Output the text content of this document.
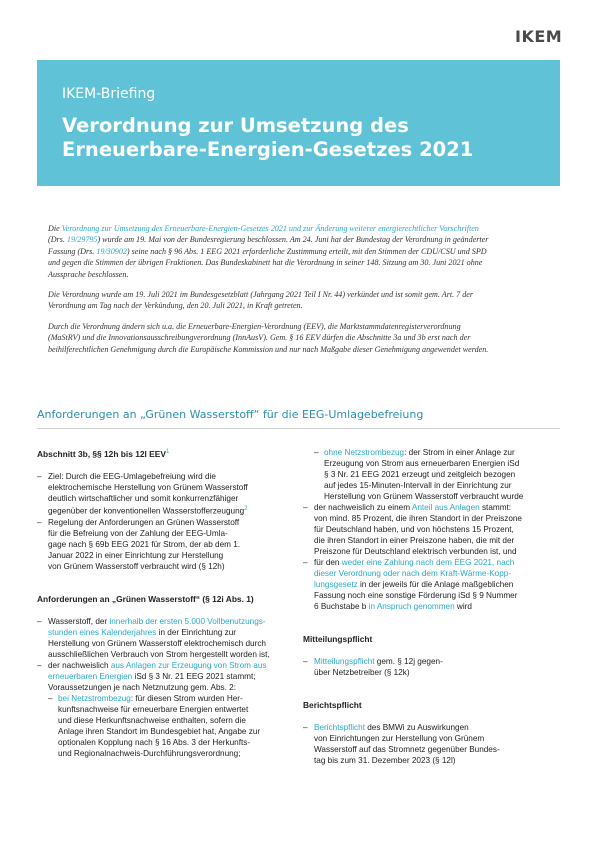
IKEM
IKEM-Briefing
Verordnung zur Umsetzung des
Erneuerbare-Energien-Gesetzes 2021

Die Verordnung zur Umsetzung des Erneuerbare-Energien-Gesetzes 2021 und zur Änderung weiterer energierechtlicher Vorschriften
(Drs. 19/29795) wurde am 19. Mai von der Bundesregierung beschlossen. Am 24. Juni hat der Bundestag der Verordnung in geänderter
Fassung (Drs. 19/30902) seine nach § 96 Abs. 1 EEG 2021 erforderliche Zustimmung erteilt, mit den Stimmen der CDU/CSU und SPD
und gegen die Stimmen der übrigen Fraktionen. Das Bundeskabinett hat die Verordnung in seiner 148. Sitzung am 30. Juni 2021 ohne
Aussprache beschlossen.

Die Verordnung wurde am 19. Juli 2021 im Bundesgesetzblatt (Jahrgang 2021 Teil I Nr. 44) verkündet und ist somit gem. Art. 7 der
Verordnung am Tag nach der Verkündung, den 20. Juli 2021, in Kraft getreten.

Durch die Verordnung ändern sich u.a. die Erneuerbare-Energien-Verordnung (EEV), die Marktstammdatenregisterverordnung
(MaStRV) und die Innovationsausschreibungverordnung (InnAusV). Gem. § 16 EEV dürfen die Abschnitte 3a und 3b erst nach der
beihilferechtlichen Genehmigung durch die Europäische Kommission und nur nach Maßgabe dieser Genehmigung angewendet werden.

Anforderungen an „Grünen Wasserstoff“ für die EEG-Umlagebefreiung
Abschnitt 3b, §§ 12h bis 12l EEV$^1$
– Ziel: Durch die EEG-Umlagebefreiung wird die
elektrochemische Herstellung von Grünem Wasserstoff
deutlich wirtschaftlicher und somit konkurrenzfähiger
gegenüber der konventionellen Wasserstofferzeugung$^2$
– Regelung der Anforderungen an Grünen Wasserstoff
für die Befreiung von der Zahlung der EEG-Umla-
gage nach § 69b EEG 2021 für Strom, der ab dem 1.
Januar 2022 in einer Einrichtung zur Herstellung
von Grünem Wasserstoff verbraucht wird (§ 12h)
Anforderungen an „Grünen Wasserstoff“ (§ 12i Abs. 1)
– Wasserstoff, der innerhalb der ersten 5.000 Vollbenutzungs-
stunden eines Kalenderjahres in der Einrichtung zur
Herstellung von Grünem Wasserstoff elektrochemisch durch
ausschließlichen Verbrauch von Strom hergestellt worden ist,
– der nachweislich aus Anlagen zur Erzeugung von Strom aus
erneuerbaren Energien iSd § 3 Nr. 21 EEG 2021 stammt;
Voraussetzungen je nach Netznutzung gem. Abs. 2:
– bei Netzstrombezug: für diesen Strom wurden Her-
kunftsnachweise für erneuerbare Energien entwertet
und diese Herkunftsnachweise enthalten, sofern die
Anlage ihren Standort im Bundesgebiet hat, Angabe zur
optionalen Kopplung nach § 16 Abs. 3 der Herkunfts-
und Regionalnachweis-Durchführungsverordnung;
– ohne Netzstrombezug: der Strom in einer Anlage zur
Erzeugung von Strom aus erneuerbaren Energien iSd
§ 3 Nr. 21 EEG 2021 erzeugt und zeitgleich bezogen
auf jedes 15-Minuten-Intervall in der Einrichtung zur
Herstellung von Grünem Wasserstoff verbraucht wurde
– der nachweislich zu einem Anteil aus Anlagen stammt:
von mind. 85 Prozent, die ihren Standort in der Preiszone
für Deutschland haben, und von höchstens 15 Prozent,
die ihren Standort in einer Preiszone haben, die mit der
Preiszone für Deutschland elektrisch verbunden ist, und
– für den weder eine Zahlung nach dem EEG 2021, nach
dieser Verordnung oder nach dem Kraft-Wärme-Kopp-
lungsgesetz in der jeweils für die Anlage maßgeblichen
Fassung noch eine sonstige Förderung iSd § 9 Nummer
6 Buchstabe b in Anspruch genommen wird
Mitteilungspflicht
– Mitteilungspflicht gem. § 12j gegen-
über Netzbetreiber (§ 12k)
Berichtspflicht
– Berichtspflicht des BMWi zu Auswirkungen
von Einrichtungen zur Herstellung von Grünem
Wasserstoff auf das Stromnetz gegenüber Bundes-
tag bis zum 31. Dezember 2023 (§ 12l)
